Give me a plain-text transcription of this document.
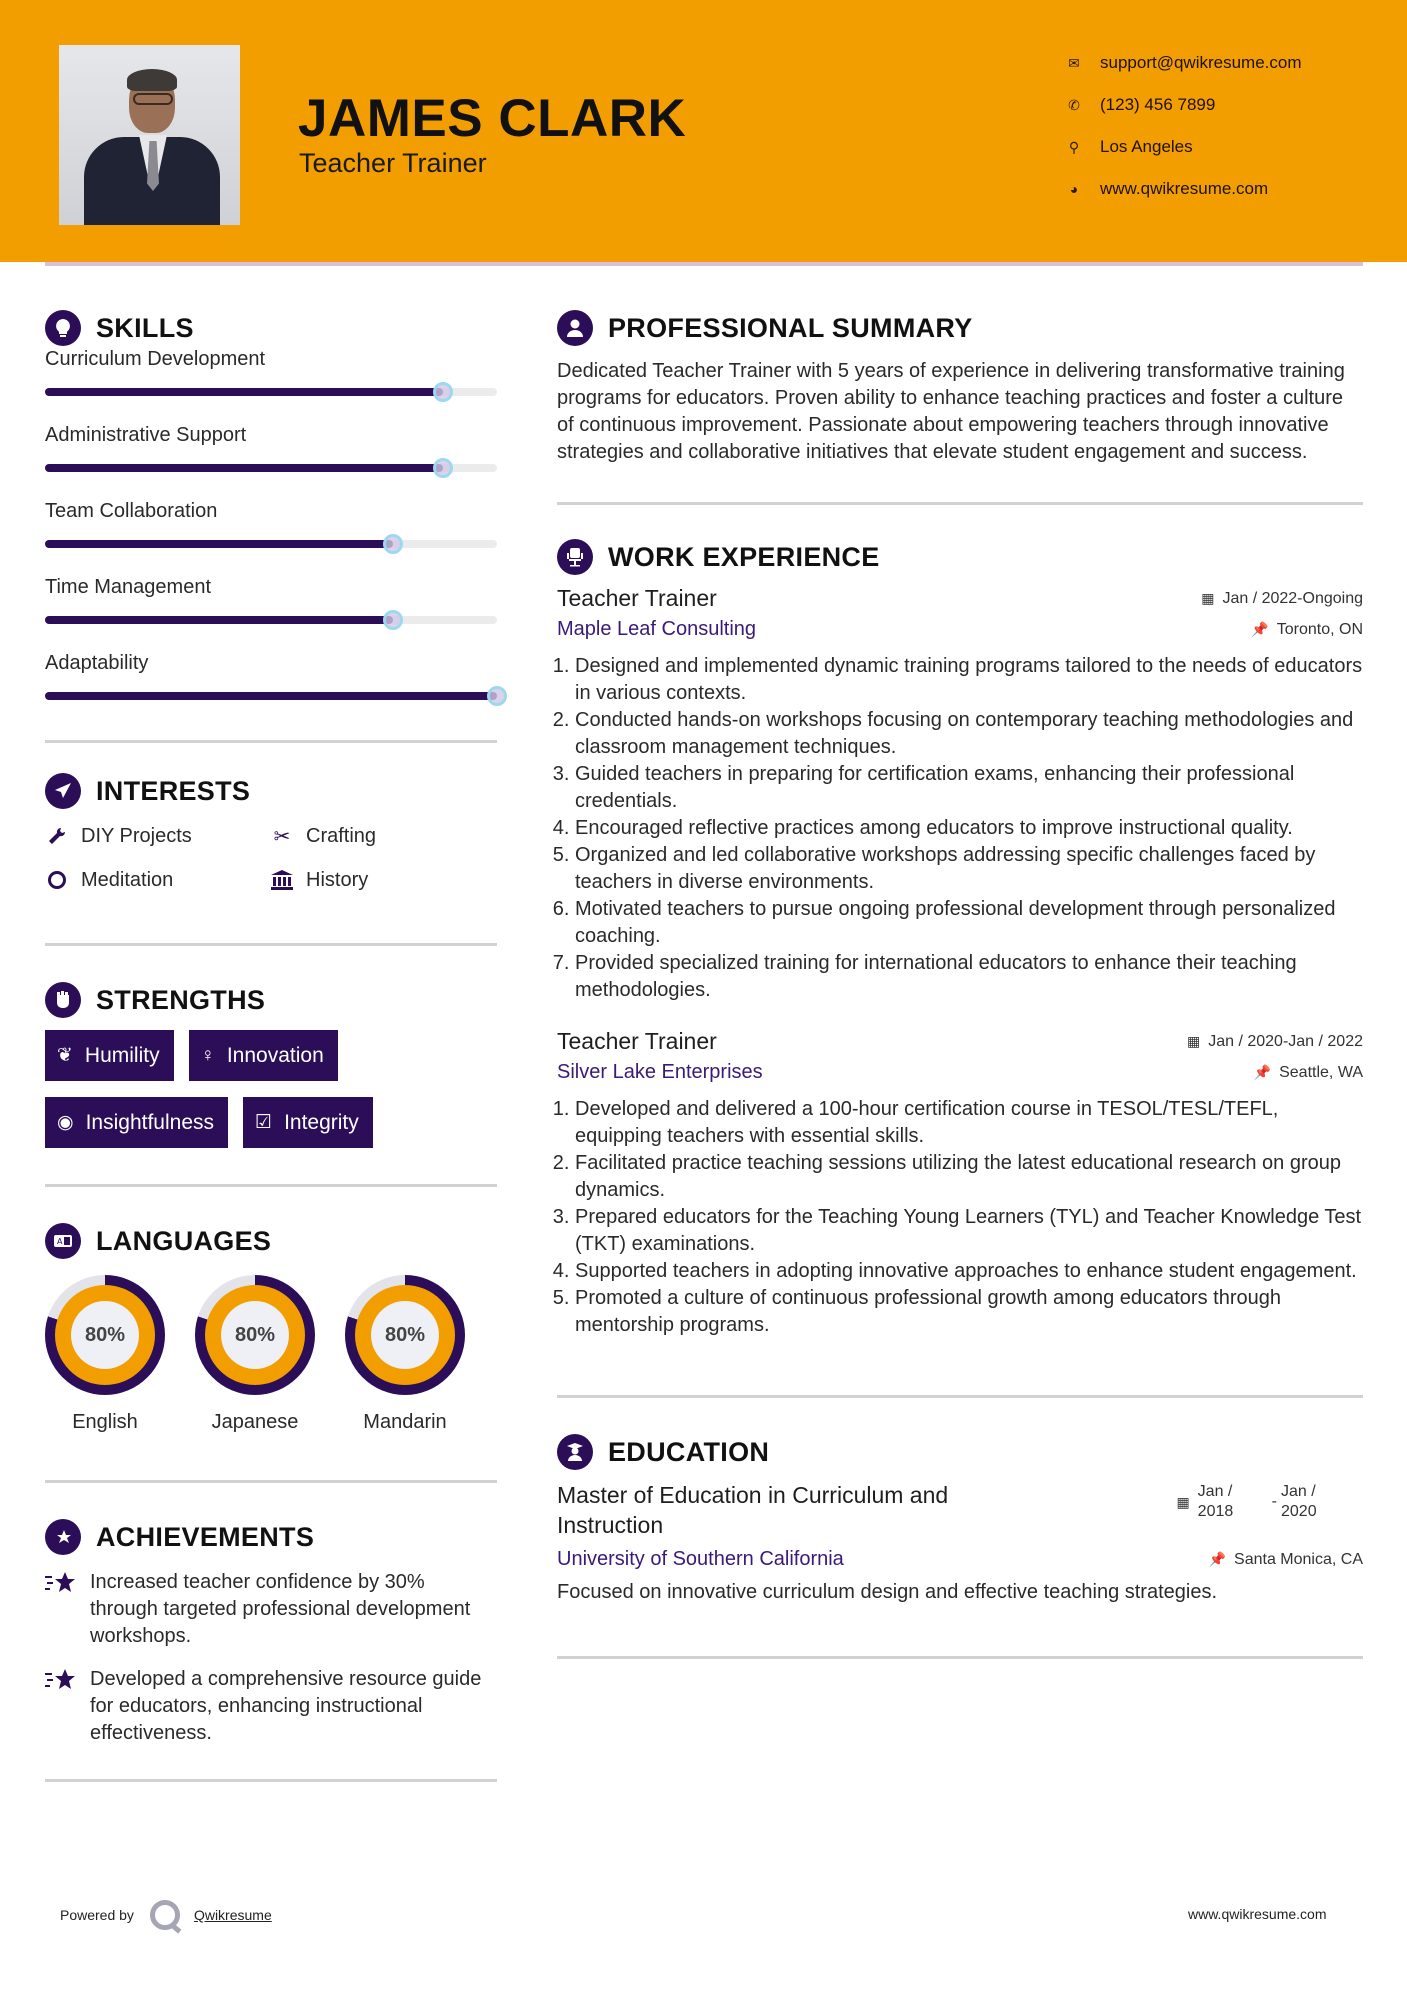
JAMES CLARK
Teacher Trainer
✉ support@qwikresume.com
✆ (123) 456 7899
⚲ Los Angeles
◕ www.qwikresume.com
SKILLS
Curriculum Development
Administrative Support
Team Collaboration
Time Management
Adaptability
INTERESTS
DIY Projects	✂ Crafting
Meditation	History
STRENGTHS
❦ Humility ♀ Innovation
◉ Insightfulness ☑ Integrity
A LANGUAGES
80%
English
80%
Japanese
80%
Mandarin
ACHIEVEMENTS
Increased teacher confidence by 30% through targeted professional development workshops.
Developed a comprehensive resource guide for educators, enhancing instructional effectiveness.
PROFESSIONAL SUMMARY

Dedicated Teacher Trainer with 5 years of experience in delivering transformative training programs for educators. Proven ability to enhance teaching practices and foster a culture of continuous improvement. Passionate about empowering teachers through innovative strategies and collaborative initiatives that elevate student engagement and success.

WORK EXPERIENCE
Teacher Trainer	▦ Jan / 2022-Ongoing
Maple Leaf Consulting	📌 Toronto, ON
1. Designed and implemented dynamic training programs tailored to the needs of educators in various contexts.
2. Conducted hands-on workshops focusing on contemporary teaching methodologies and classroom management techniques.
3. Guided teachers in preparing for certification exams, enhancing their professional credentials.
4. Encouraged reflective practices among educators to improve instructional quality.
5. Organized and led collaborative workshops addressing specific challenges faced by teachers in diverse environments.
6. Motivated teachers to pursue ongoing professional development through personalized coaching.
7. Provided specialized training for international educators to enhance their teaching methodologies.
Teacher Trainer	▦ Jan / 2020-Jan / 2022
Silver Lake Enterprises	📌 Seattle, WA
1. Developed and delivered a 100-hour certification course in TESOL/TESL/TEFL, equipping teachers with essential skills.
2. Facilitated practice teaching sessions utilizing the latest educational research on group dynamics.
3. Prepared educators for the Teaching Young Learners (TYL) and Teacher Knowledge Test (TKT) examinations.
4. Supported teachers in adopting innovative approaches to enhance student engagement.
5. Promoted a culture of continuous professional growth among educators through mentorship programs.
EDUCATION
Master of Education in Curriculum and Instruction
▦
Jan / 2018
-
Jan / 2020
University of Southern California	📌 Santa Monica, CA

Focused on innovative curriculum design and effective teaching strategies.

Powered by	Qwikresume	www.qwikresume.com
